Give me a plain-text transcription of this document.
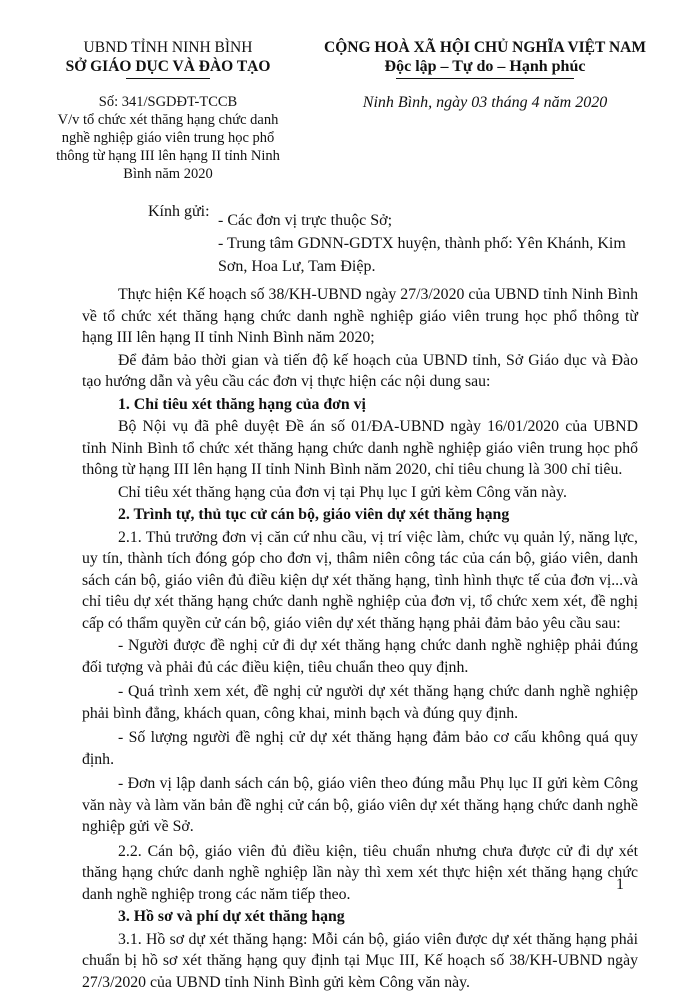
UBND TỈNH NINH BÌNH
SỞ GIÁO DỤC VÀ ĐÀO TẠO
Số: 341/SGDĐT-TCCB
V/v tổ chức xét thăng hạng chức danh nghề nghiệp giáo viên trung học phổ thông từ hạng III lên hạng II tỉnh Ninh Bình năm 2020
CỘNG HOÀ XÃ HỘI CHỦ NGHĨA VIỆT NAM
Độc lập – Tự do – Hạnh phúc
Ninh Bình, ngày 03 tháng 4 năm 2020
Kính gửi:
- Các đơn vị trực thuộc Sở;
- Trung tâm GDNN-GDTX huyện, thành phố: Yên Khánh, Kim Sơn, Hoa Lư, Tam Điệp.

Thực hiện Kế hoạch số 38/KH-UBND ngày 27/3/2020 của UBND tỉnh Ninh Bình về tổ chức xét thăng hạng chức danh nghề nghiệp giáo viên trung học phổ thông từ hạng III lên hạng II tỉnh Ninh Bình năm 2020;

Để đảm bảo thời gian và tiến độ kế hoạch của UBND tỉnh, Sở Giáo dục và Đào tạo hướng dẫn và yêu cầu các đơn vị thực hiện các nội dung sau:

1. Chỉ tiêu xét thăng hạng của đơn vị

Bộ Nội vụ đã phê duyệt Đề án số 01/ĐA-UBND ngày 16/01/2020 của UBND tỉnh Ninh Bình tổ chức xét thăng hạng chức danh nghề nghiệp giáo viên trung học phổ thông từ hạng III lên hạng II tỉnh Ninh Bình năm 2020, chỉ tiêu chung là 300 chỉ tiêu.

Chỉ tiêu xét thăng hạng của đơn vị tại Phụ lục I gửi kèm Công văn này.

2. Trình tự, thủ tục cử cán bộ, giáo viên dự xét thăng hạng

2.1. Thủ trưởng đơn vị căn cứ nhu cầu, vị trí việc làm, chức vụ quản lý, năng lực, uy tín, thành tích đóng góp cho đơn vị, thâm niên công tác của cán bộ, giáo viên, danh sách cán bộ, giáo viên đủ điều kiện dự xét thăng hạng, tình hình thực tế của đơn vị...và chỉ tiêu dự xét thăng hạng chức danh nghề nghiệp của đơn vị, tổ chức xem xét, đề nghị cấp có thẩm quyền cử cán bộ, giáo viên dự xét thăng hạng phải đảm bảo yêu cầu sau:

- Người được đề nghị cử đi dự xét thăng hạng chức danh nghề nghiệp phải đúng đối tượng và phải đủ các điều kiện, tiêu chuẩn theo quy định.

- Quá trình xem xét, đề nghị cử người dự xét thăng hạng chức danh nghề nghiệp phải bình đẳng, khách quan, công khai, minh bạch và đúng quy định.

- Số lượng người đề nghị cử dự xét thăng hạng đảm bảo cơ cấu không quá quy định.

- Đơn vị lập danh sách cán bộ, giáo viên theo đúng mẫu Phụ lục II gửi kèm Công văn này và làm văn bản đề nghị cử cán bộ, giáo viên dự xét thăng hạng chức danh nghề nghiệp gửi về Sở.

2.2. Cán bộ, giáo viên đủ điều kiện, tiêu chuẩn nhưng chưa được cử đi dự xét thăng hạng chức danh nghề nghiệp lần này thì xem xét thực hiện xét thăng hạng chức danh nghề nghiệp trong các năm tiếp theo.

3. Hồ sơ và phí dự xét thăng hạng

3.1. Hồ sơ dự xét thăng hạng: Mỗi cán bộ, giáo viên được dự xét thăng hạng phải chuẩn bị hồ sơ xét thăng hạng quy định tại Mục III, Kế hoạch số 38/KH-UBND ngày 27/3/2020 của UBND tỉnh Ninh Bình gửi kèm Công văn này.

1
